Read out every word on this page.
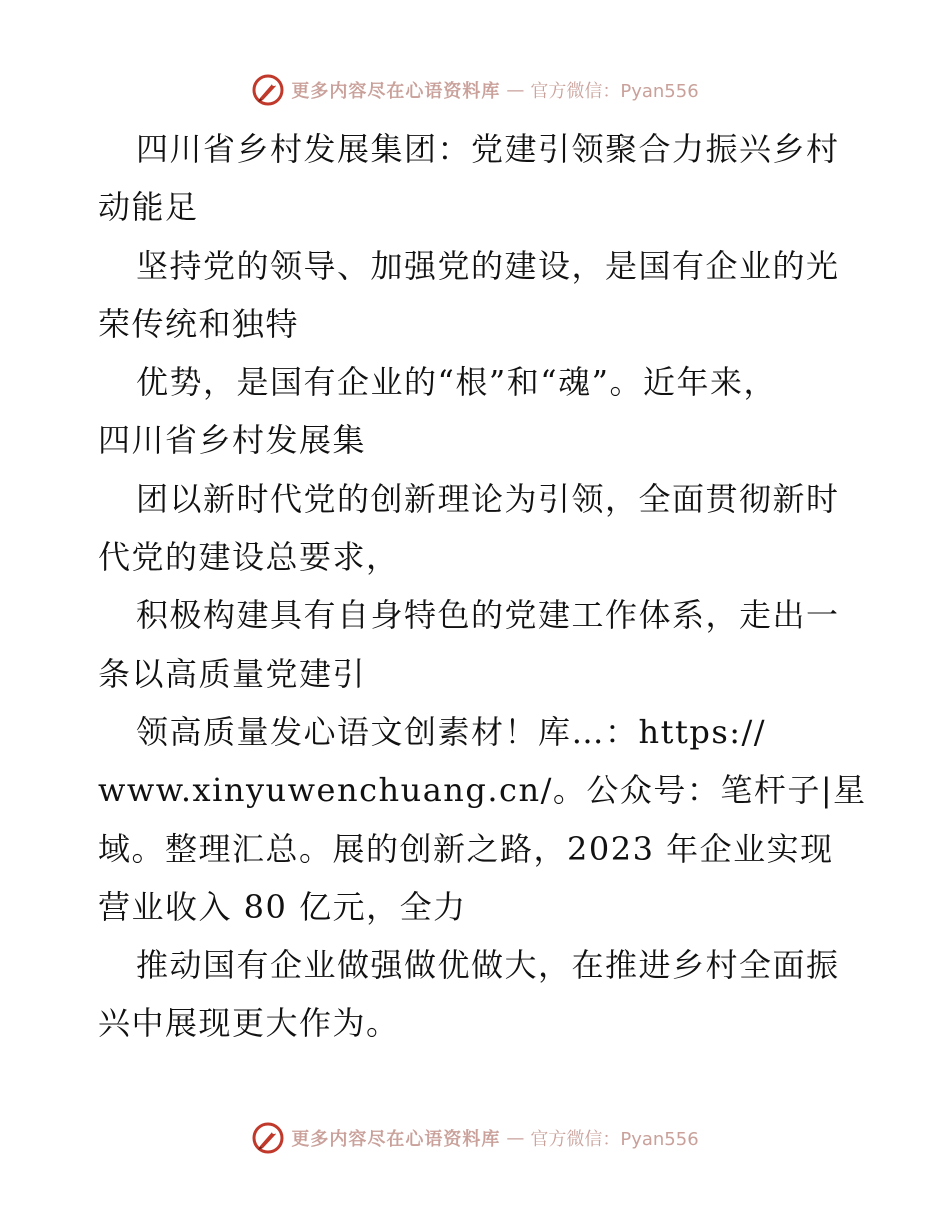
更多内容尽在心语资料库 — 官方微信：Pyan556
四川省乡村发展集团：党建引领聚合力振兴乡村
动能足
坚持党的领导、加强党的建设，是国有企业的光
荣传统和独特
优势，是国有企业的“根”和“魂”。近年来，
四川省乡村发展集
团以新时代党的创新理论为引领，全面贯彻新时
代党的建设总要求，
积极构建具有自身特色的党建工作体系，走出一
条以高质量党建引
领高质量发心语文创素材！库…：https://
www.xinyuwenchuang.cn/。公众号：笔杆子|星
域。整理汇总。展的创新之路，2023 年企业实现
营业收入 80 亿元，全力
推动国有企业做强做优做大，在推进乡村全面振
兴中展现更大作为。
更多内容尽在心语资料库 — 官方微信：Pyan556
